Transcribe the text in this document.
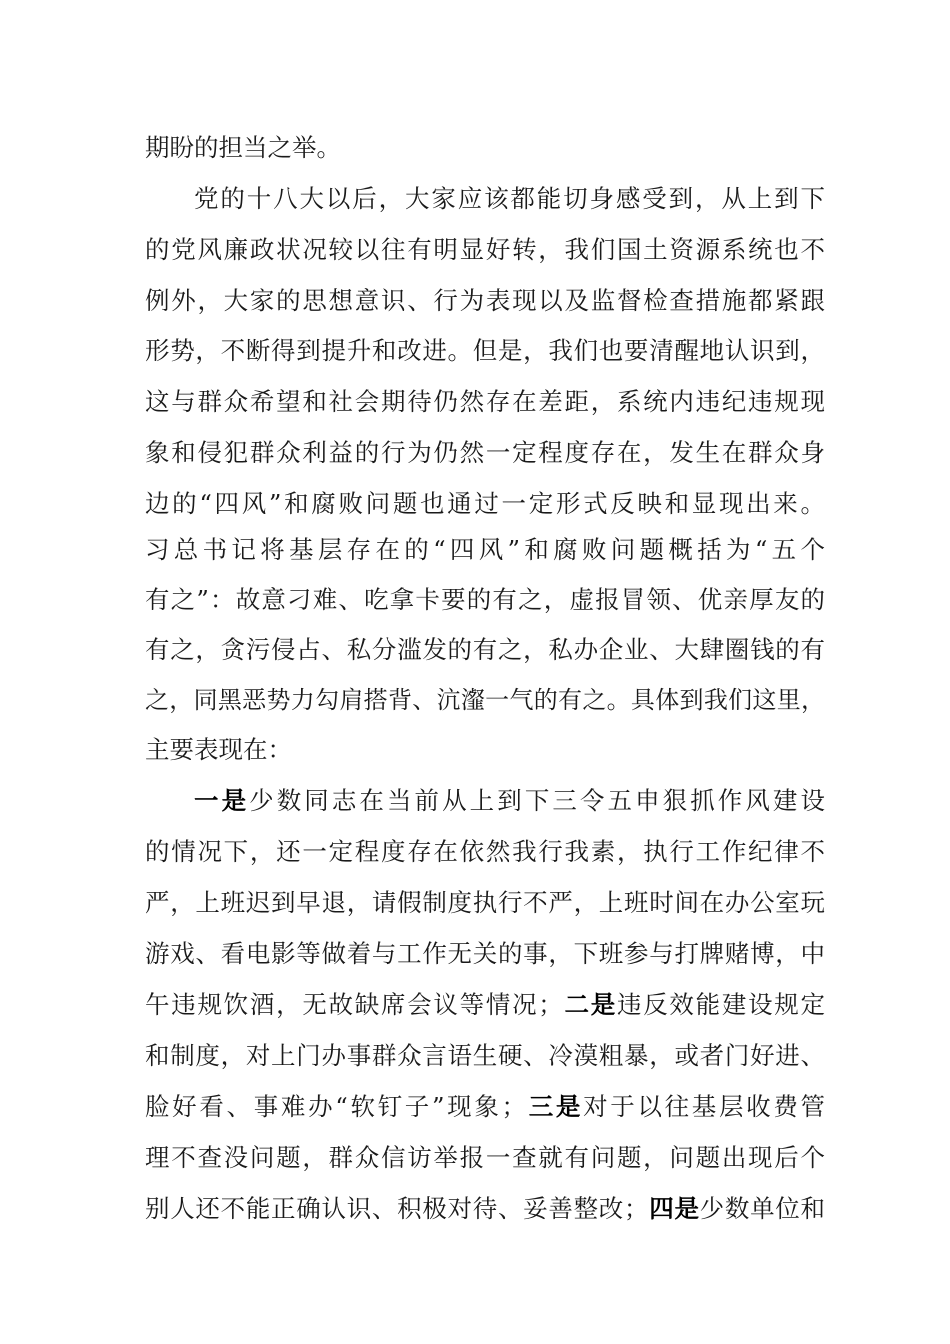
期盼的担当之举。
党的十八大以后，大家应该都能切身感受到，从上到下
的党风廉政状况较以往有明显好转，我们国土资源系统也不
例外，大家的思想意识、行为表现以及监督检查措施都紧跟
形势，不断得到提升和改进。但是，我们也要清醒地认识到，
这与群众希望和社会期待仍然存在差距，系统内违纪违规现
象和侵犯群众利益的行为仍然一定程度存在，发生在群众身
边的“四风”和腐败问题也通过一定形式反映和显现出来。
习总书记将基层存在的“四风”和腐败问题概括为“五个
有之”：故意刁难、吃拿卡要的有之，虚报冒领、优亲厚友的
有之，贪污侵占、私分滥发的有之，私办企业、大肆圈钱的有
之，同黑恶势力勾肩搭背、沆瀣一气的有之。具体到我们这里，
主要表现在：
一是少数同志在当前从上到下三令五申狠抓作风建设
的情况下，还一定程度存在依然我行我素，执行工作纪律不
严，上班迟到早退，请假制度执行不严，上班时间在办公室玩
游戏、看电影等做着与工作无关的事，下班参与打牌赌博，中
午违规饮酒，无故缺席会议等情况；二是违反效能建设规定
和制度，对上门办事群众言语生硬、冷漠粗暴，或者门好进、
脸好看、事难办“软钉子”现象；三是对于以往基层收费管
理不查没问题，群众信访举报一查就有问题，问题出现后个
别人还不能正确认识、积极对待、妥善整改；四是少数单位和
